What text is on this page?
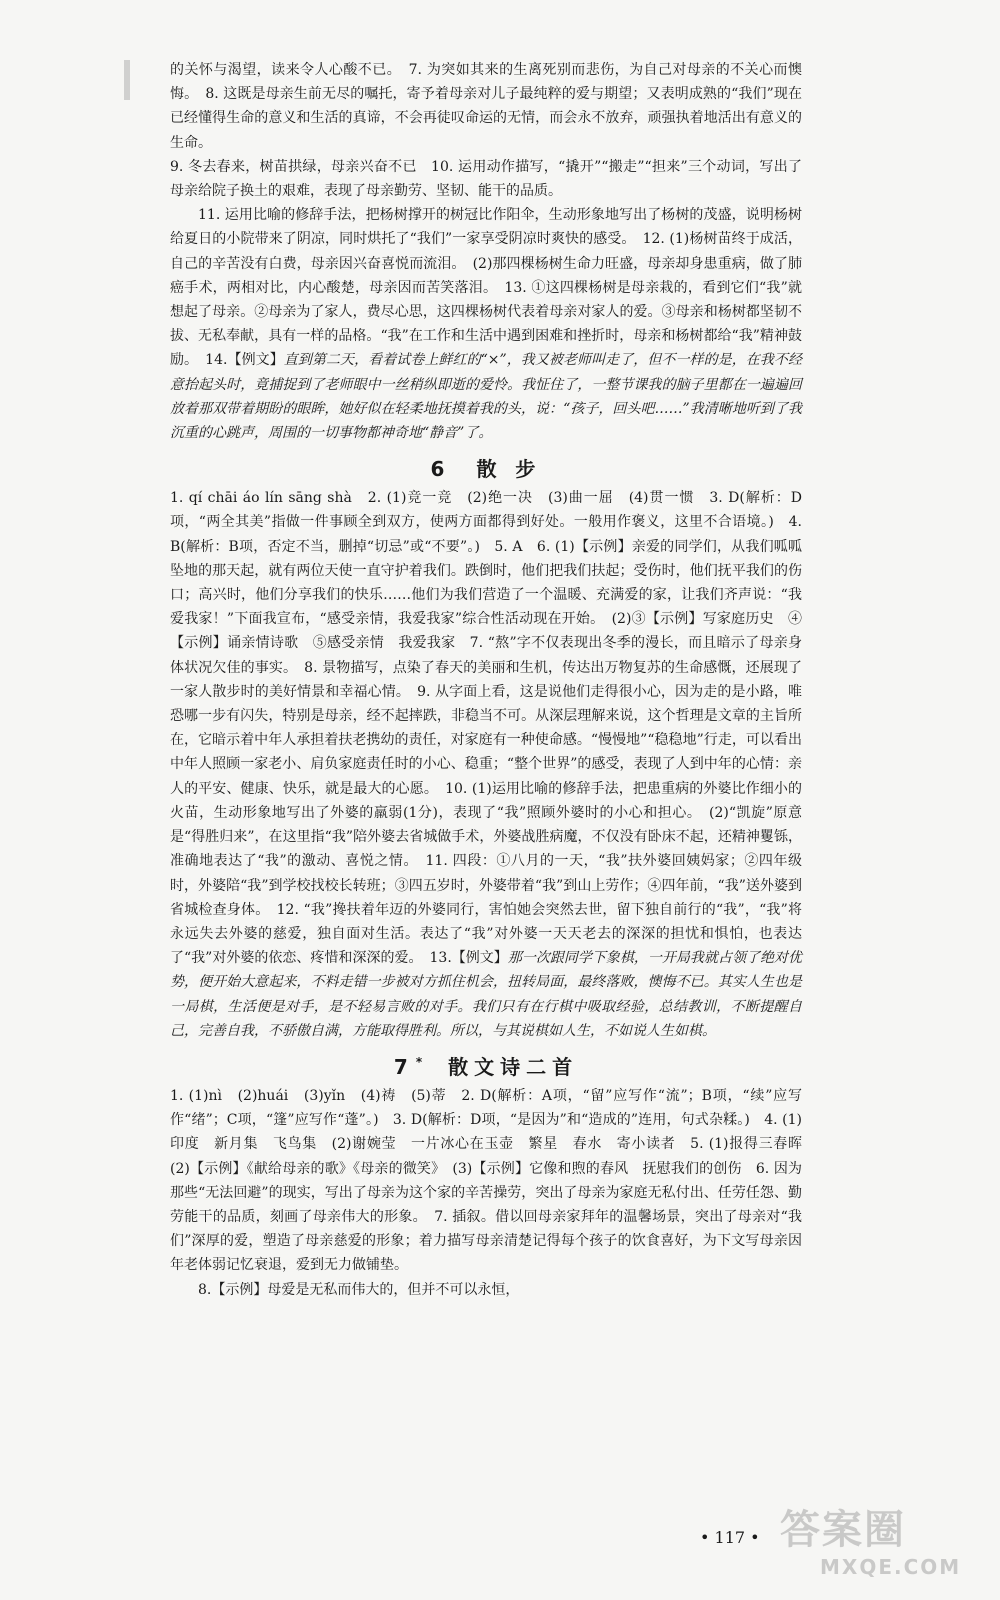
的关怀与渴望，读来令人心酸不已。　7. 为突如其来的生离死别而悲伤，为自己对母亲的不关心而懊悔。　8. 这既是母亲生前无尽的嘱托，寄予着母亲对儿子最纯粹的爱与期望；又表明成熟的“我们”现在已经懂得生命的意义和生活的真谛，不会再徒叹命运的无情，而会永不放弃，顽强执着地活出有意义的生命。

9. 冬去春来，树苗拱绿，母亲兴奋不已　10. 运用动作描写，“撬开”“搬走”“担来”三个动词，写出了母亲给院子换土的艰难，表现了母亲勤劳、坚韧、能干的品质。

11. 运用比喻的修辞手法，把杨树撑开的树冠比作阳伞，生动形象地写出了杨树的茂盛，说明杨树给夏日的小院带来了阴凉，同时烘托了“我们”一家享受阴凉时爽快的感受。　12. (1)杨树苗终于成活，自己的辛苦没有白费，母亲因兴奋喜悦而流泪。　(2)那四棵杨树生命力旺盛，母亲却身患重病，做了肺癌手术，两相对比，内心酸楚，母亲因而苦笑落泪。　13. ①这四棵杨树是母亲栽的，看到它们“我”就想起了母亲。②母亲为了家人，费尽心思，这四棵杨树代表着母亲对家人的爱。③母亲和杨树都坚韧不拔、无私奉献，具有一样的品格。“我”在工作和生活中遇到困难和挫折时，母亲和杨树都给“我”精神鼓励。　14.【例文】直到第二天，看着试卷上鲜红的“×”，我又被老师叫走了，但不一样的是，在我不经意抬起头时，竟捕捉到了老师眼中一丝稍纵即逝的爱怜。我怔住了，一整节课我的脑子里都在一遍遍回放着那双带着期盼的眼眸，她好似在轻柔地抚摸着我的头，说：“孩子，回头吧……”我清晰地听到了我沉重的心跳声，周围的一切事物都神奇地“静音”了。

6　 散 步

1. qí chāi áo lín sāng shà　2. (1)竞一竞　(2)绝一决　(3)曲一屈　(4)贯一惯　3. D(解析：D项，“两全其美”指做一件事顾全到双方，使两方面都得到好处。一般用作褒义，这里不合语境。)　4. B(解析：B项，否定不当，删掉“切忌”或“不要”。)　5. A　6. (1)【示例】亲爱的同学们，从我们呱呱坠地的那天起，就有两位天使一直守护着我们。跌倒时，他们把我们扶起；受伤时，他们抚平我们的伤口；高兴时，他们分享我们的快乐……他们为我们营造了一个温暖、充满爱的家，让我们齐声说：“我爱我家！”下面我宣布，“感受亲情，我爱我家”综合性活动现在开始。　(2)③【示例】写家庭历史　④【示例】诵亲情诗歌　⑤感受亲情　我爱我家　7. “熬”字不仅表现出冬季的漫长，而且暗示了母亲身体状况欠佳的事实。　8. 景物描写，点染了春天的美丽和生机，传达出万物复苏的生命感慨，还展现了一家人散步时的美好情景和幸福心情。　9. 从字面上看，这是说他们走得很小心，因为走的是小路，唯恐哪一步有闪失，特别是母亲，经不起摔跌，非稳当不可。从深层理解来说，这个哲理是文章的主旨所在，它暗示着中年人承担着扶老携幼的责任，对家庭有一种使命感。“慢慢地”“稳稳地”行走，可以看出中年人照顾一家老小、肩负家庭责任时的小心、稳重；“整个世界”的感受，表现了人到中年的心情：亲人的平安、健康、快乐，就是最大的心愿。　10. (1)运用比喻的修辞手法，把患重病的外婆比作细小的火苗，生动形象地写出了外婆的羸弱(1分)，表现了“我”照顾外婆时的小心和担心。　(2)“凯旋”原意是“得胜归来”，在这里指“我”陪外婆去省城做手术，外婆战胜病魔，不仅没有卧床不起，还精神矍铄，准确地表达了“我”的激动、喜悦之情。　11. 四段：①八月的一天，“我”扶外婆回姨妈家；②四年级时，外婆陪“我”到学校找校长转班；③四五岁时，外婆带着“我”到山上劳作；④四年前，“我”送外婆到省城检查身体。　12. “我”搀扶着年迈的外婆同行，害怕她会突然去世，留下独自前行的“我”，“我”将永远失去外婆的慈爱，独自面对生活。表达了“我”对外婆一天天老去的深深的担忧和惧怕，也表达了“我”对外婆的依恋、疼惜和深深的爱。　13.【例文】那一次跟同学下象棋，一开局我就占领了绝对优势，便开始大意起来，不料走错一步被对方抓住机会，扭转局面，最终落败，懊悔不已。其实人生也是一局棋，生活便是对手，是不轻易言败的对手。我们只有在行棋中吸取经验，总结教训，不断提醒自己，完善自我，不骄傲自满，方能取得胜利。所以，与其说棋如人生，不如说人生如棋。

7 *　 散文诗二首

1. (1)nì　(2)huái　(3)yǐn　(4)祷　(5)蒂　2. D(解析：A项，“留”应写作“流”；B项，“续”应写作“绪”；C项，“篷”应写作“蓬”。)　3. D(解析：D项，“是因为”和“造成的”连用，句式杂糅。)　4. (1)印度　新月集　飞鸟集　(2)谢婉莹　一片冰心在玉壶　繁星　春水　寄小读者　5. (1)报得三春晖　(2)【示例】《献给母亲的歌》《母亲的微笑》　(3)【示例】它像和煦的春风　抚慰我们的创伤　6. 因为那些“无法回避”的现实，写出了母亲为这个家的辛苦操劳，突出了母亲为家庭无私付出、任劳任怨、勤劳能干的品质，刻画了母亲伟大的形象。　7. 插叙。借以回母亲家拜年的温馨场景，突出了母亲对“我们”深厚的爱，塑造了母亲慈爱的形象；着力描写母亲清楚记得每个孩子的饮食喜好，为下文写母亲因年老体弱记忆衰退，爱到无力做铺垫。

8.【示例】母爱是无私而伟大的，但并不可以永恒，

• 117 • 答案圈
MXQE.COM
